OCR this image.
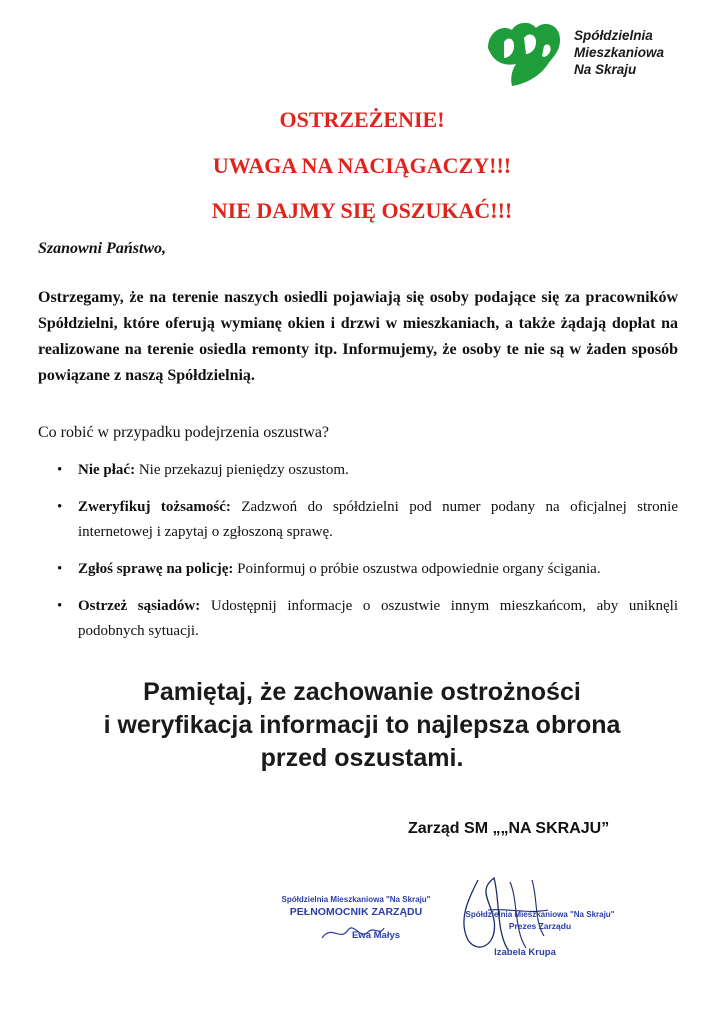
Spółdzielnia
Mieszkaniowa
Na Skraju
OSTRZEŻENIE!
UWAGA NA NACIĄGACZY!!!
NIE DAJMY SIĘ OSZUKAĆ!!!
Szanowni Państwo,
Ostrzegamy, że na terenie naszych osiedli pojawiają się osoby podające się za pracowników Spółdzielni, które oferują wymianę okien i drzwi w mieszkaniach, a także żądają dopłat na realizowane na terenie osiedla remonty itp. Informujemy, że osoby te nie są w żaden sposób powiązane z naszą Spółdzielnią.
Co robić w przypadku podejrzenia oszustwa?
• Nie płać: Nie przekazuj pieniędzy oszustom.
• Zweryfikuj tożsamość: Zadzwoń do spółdzielni pod numer podany na oficjalnej stronie internetowej i zapytaj o zgłoszoną sprawę.
• Zgłoś sprawę na policję: Poinformuj o próbie oszustwa odpowiednie organy ścigania.
• Ostrzeż sąsiadów: Udostępnij informacje o oszustwie innym mieszkańcom, aby uniknęli podobnych sytuacji.
Pamiętaj, że zachowanie ostrożności
i weryfikacja informacji to najlepsza obrona
przed oszustami.
Zarząd SM „„NA SKRAJU”
Spółdzielnia Mieszkaniowa "Na Skraju"
PEŁNOMOCNIK ZARZĄDU
Ewa Małys
Spółdzielnia Mieszkaniowa "Na Skraju"
Prezes Zarządu
Izabela Krupa
